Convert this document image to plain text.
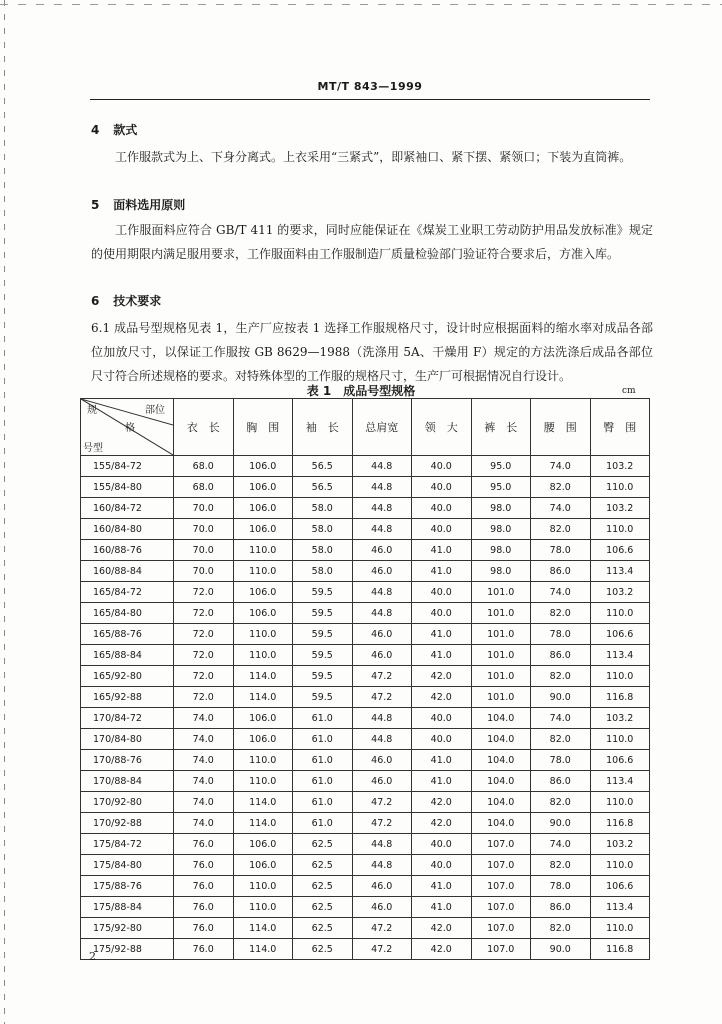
MT/T 843—1999
4 款式
工作服款式为上、下身分离式。上衣采用“三紧式”，即紧袖口、紧下摆、紧领口；下装为直筒裤。
5 面料选用原则
工作服面料应符合 GB/T 411 的要求，同时应能保证在《煤炭工业职工劳动防护用品发放标准》规定的使用期限内满足服用要求，工作服面料由工作服制造厂质量检验部门验证符合要求后，方准入库。
6 技术要求
6.1 成品号型规格见表 1，生产厂应按表 1 选择工作服规格尺寸，设计时应根据面料的缩水率对成品各部位加放尺寸，以保证工作服按 GB 8629—1988（洗涤用 5A、干燥用 F）规定的方法洗涤后成品各部位尺寸符合所述规格的要求。对特殊体型的工作服的规格尺寸，生产厂可根据情况自行设计。
表 1　成品号型规格	cm
规 部位
格
号型	衣　长	胸　围	袖　长	总肩宽	领　大	裤　长	腰　围	臀　围
155/84-72	68.0	106.0	56.5	44.8	40.0	95.0	74.0	103.2
155/84-80	68.0	106.0	56.5	44.8	40.0	95.0	82.0	110.0
160/84-72	70.0	106.0	58.0	44.8	40.0	98.0	74.0	103.2
160/84-80	70.0	106.0	58.0	44.8	40.0	98.0	82.0	110.0
160/88-76	70.0	110.0	58.0	46.0	41.0	98.0	78.0	106.6
160/88-84	70.0	110.0	58.0	46.0	41.0	98.0	86.0	113.4
165/84-72	72.0	106.0	59.5	44.8	40.0	101.0	74.0	103.2
165/84-80	72.0	106.0	59.5	44.8	40.0	101.0	82.0	110.0
165/88-76	72.0	110.0	59.5	46.0	41.0	101.0	78.0	106.6
165/88-84	72.0	110.0	59.5	46.0	41.0	101.0	86.0	113.4
165/92-80	72.0	114.0	59.5	47.2	42.0	101.0	82.0	110.0
165/92-88	72.0	114.0	59.5	47.2	42.0	101.0	90.0	116.8
170/84-72	74.0	106.0	61.0	44.8	40.0	104.0	74.0	103.2
170/84-80	74.0	106.0	61.0	44.8	40.0	104.0	82.0	110.0
170/88-76	74.0	110.0	61.0	46.0	41.0	104.0	78.0	106.6
170/88-84	74.0	110.0	61.0	46.0	41.0	104.0	86.0	113.4
170/92-80	74.0	114.0	61.0	47.2	42.0	104.0	82.0	110.0
170/92-88	74.0	114.0	61.0	47.2	42.0	104.0	90.0	116.8
175/84-72	76.0	106.0	62.5	44.8	40.0	107.0	74.0	103.2
175/84-80	76.0	106.0	62.5	44.8	40.0	107.0	82.0	110.0
175/88-76	76.0	110.0	62.5	46.0	41.0	107.0	78.0	106.6
175/88-84	76.0	110.0	62.5	46.0	41.0	107.0	86.0	113.4
175/92-80	76.0	114.0	62.5	47.2	42.0	107.0	82.0	110.0
175/92-88	76.0	114.0	62.5	47.2	42.0	107.0	90.0	116.8
2
